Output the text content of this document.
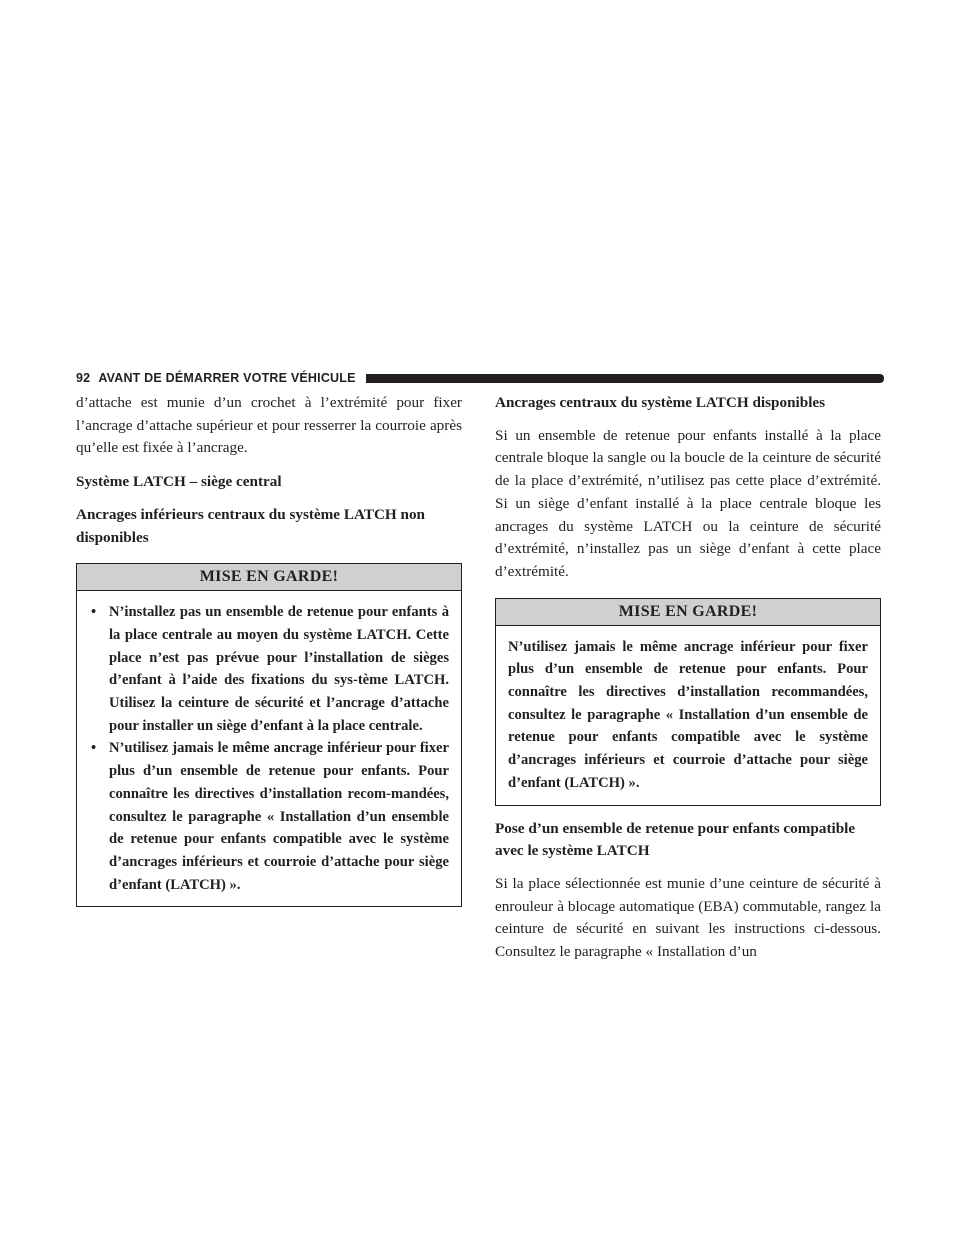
92 AVANT DE DÉMARRER VOTRE VÉHICULE

d’attache est munie d’un crochet à l’extrémité pour fixer l’ancrage d’attache supérieur et pour resserrer la courroie après qu’elle est fixée à l’ancrage.

Système LATCH – siège central
Ancrages inférieurs centraux du système LATCH non disponibles
MISE EN GARDE!
• N’installez pas un ensemble de retenue pour enfants à la place centrale au moyen du système LATCH. Cette place n’est pas prévue pour l’installation de sièges d’enfant à l’aide des fixations du sys-tème LATCH. Utilisez la ceinture de sécurité et l’ancrage d’attache pour installer un siège d’enfant à la place centrale.
• N’utilisez jamais le même ancrage inférieur pour fixer plus d’un ensemble de retenue pour enfants. Pour connaître les directives d’installation recom-mandées, consultez le paragraphe « Installation d’un ensemble de retenue pour enfants compatible avec le système d’ancrages inférieurs et courroie d’attache pour siège d’enfant (LATCH) ».
Ancrages centraux du système LATCH disponibles

Si un ensemble de retenue pour enfants installé à la place centrale bloque la sangle ou la boucle de la ceinture de sécurité de la place d’extrémité, n’utilisez pas cette place d’extrémité. Si un siège d’enfant installé à la place centrale bloque les ancrages du système LATCH ou la ceinture de sécurité d’extrémité, n’installez pas un siège d’enfant à cette place d’extrémité.

MISE EN GARDE!

N’utilisez jamais le même ancrage inférieur pour fixer plus d’un ensemble de retenue pour enfants. Pour connaître les directives d’installation recommandées, consultez le paragraphe « Installation d’un ensemble de retenue pour enfants compatible avec le système d’ancrages inférieurs et courroie d’attache pour siège d’enfant (LATCH) ».

Pose d’un ensemble de retenue pour enfants compatible avec le système LATCH

Si la place sélectionnée est munie d’une ceinture de sécurité à enrouleur à blocage automatique (EBA) commutable, rangez la ceinture de sécurité en suivant les instructions ci-dessous. Consultez le paragraphe « Installation d’un
